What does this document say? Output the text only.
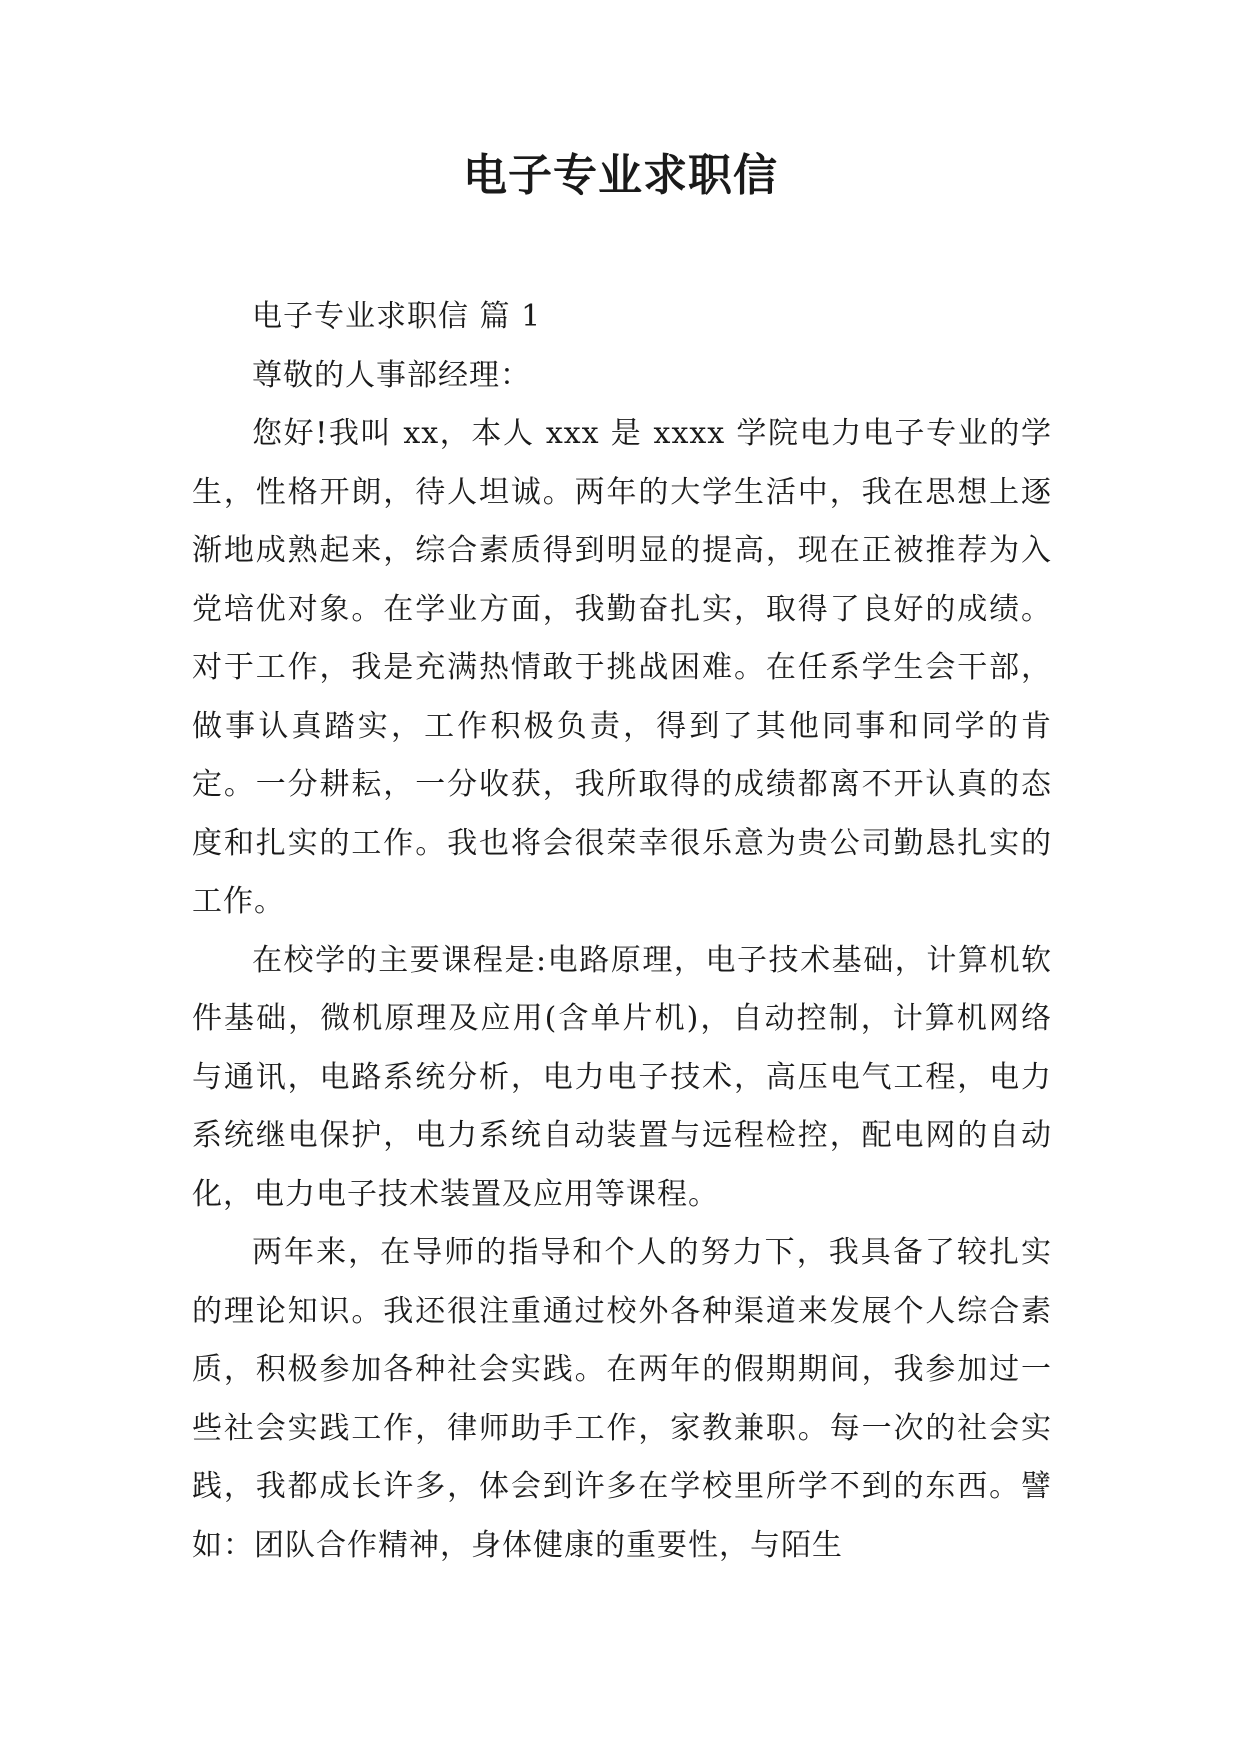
电子专业求职信

电子专业求职信 篇 1

尊敬的人事部经理：

您好!我叫 xx，本人 xxx 是 xxxx 学院电力电子专业的学生，性格开朗，待人坦诚。两年的大学生活中，我在思想上逐渐地成熟起来，综合素质得到明显的提高，现在正被推荐为入党培优对象。在学业方面，我勤奋扎实，取得了良好的成绩。对于工作，我是充满热情敢于挑战困难。在任系学生会干部，做事认真踏实，工作积极负责，得到了其他同事和同学的肯定。一分耕耘，一分收获，我所取得的成绩都离不开认真的态度和扎实的工作。我也将会很荣幸很乐意为贵公司勤恳扎实的工作。

在校学的主要课程是:电路原理，电子技术基础，计算机软件基础，微机原理及应用(含单片机)，自动控制，计算机网络与通讯，电路系统分析，电力电子技术，高压电气工程，电力系统继电保护，电力系统自动装置与远程检控，配电网的自动化，电力电子技术装置及应用等课程。

两年来，在导师的指导和个人的努力下，我具备了较扎实的理论知识。我还很注重通过校外各种渠道来发展个人综合素质，积极参加各种社会实践。在两年的假期期间，我参加过一些社会实践工作，律师助手工作，家教兼职。每一次的社会实践，我都成长许多，体会到许多在学校里所学不到的东西。譬如：团队合作精神，身体健康的重要性，与陌生
